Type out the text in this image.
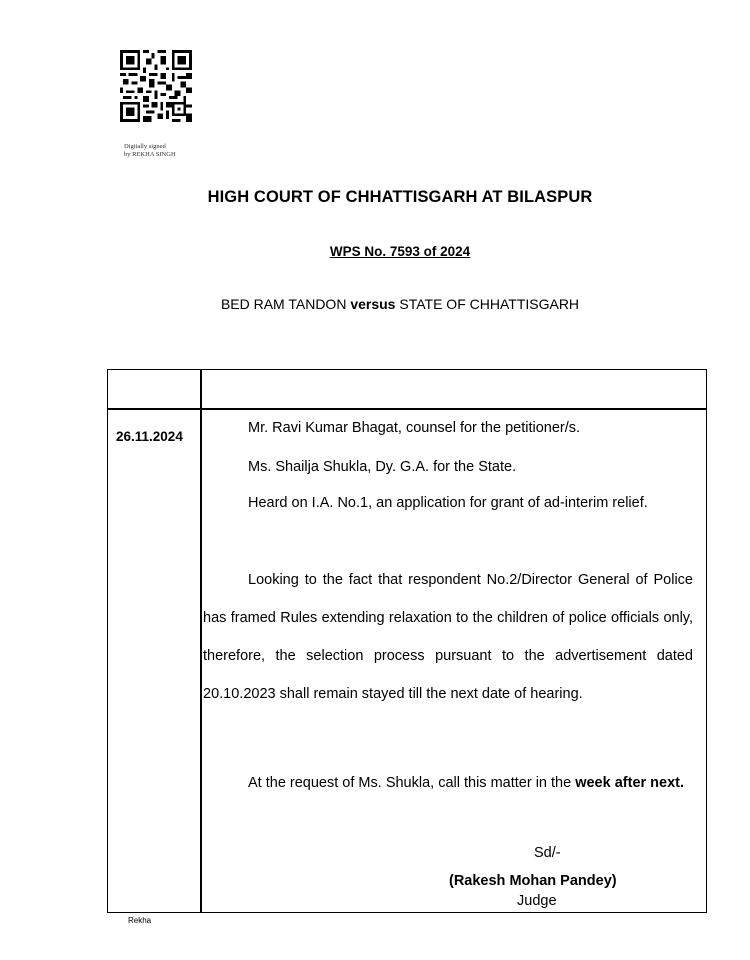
Digitally signed
by REKHA SINGH
HIGH COURT OF CHHATTISGARH AT BILASPUR
WPS No. 7593 of 2024
BED RAM TANDON versus STATE OF CHHATTISGARH
26.11.2024
Mr. Ravi Kumar Bhagat, counsel for the petitioner/s.
Ms. Shailja Shukla, Dy. G.A. for the State.
Heard on I.A. No.1, an application for grant of ad-interim relief.
Looking to the fact that respondent No.2/Director General of Police has framed Rules extending relaxation to the children of police officials only, therefore, the selection process pursuant to the advertisement dated 20.10.2023 shall remain stayed till the next date of hearing.
At the request of Ms. Shukla, call this matter in the week after next.
Sd/-
(Rakesh Mohan Pandey)
Judge
Rekha
